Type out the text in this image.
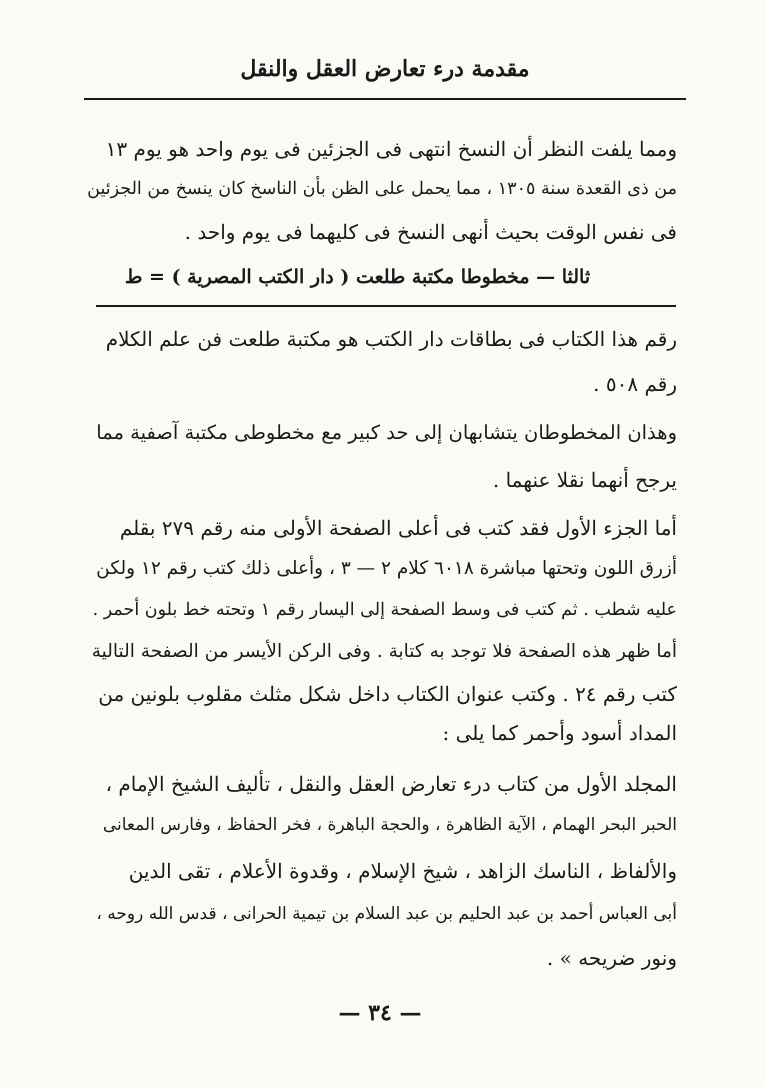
مقدمة درء تعارض العقل والنقل
ومما يلفت النظر أن النسخ انتهى فى الجزئين فى يوم واحد هو يوم ١٣
من ذى القعدة سنة ١٣٠٥ ، مما يحمل على الظن بأن الناسخ كان ينسخ من الجزئين
فى نفس الوقت بحيث أنهى النسخ فى كليهما فى يوم واحد .
ثالثا — مخطوطا مكتبة طلعت ( دار الكتب المصرية ) = ط
رقم هذا الكتاب فى بطاقات دار الكتب هو مكتبة طلعت فن علم الكلام
رقم ٥٠٨ .
وهذان المخطوطان يتشابهان إلى حد كبير مع مخطوطى مكتبة آصفية مما
يرجح أنهما نقلا عنهما .
أما الجزء الأول فقد كتب فى أعلى الصفحة الأولى منه رقم ٢٧٩ بقلم
أزرق اللون وتحتها مباشرة ٦٠١٨ كلام ٢ — ٣ ، وأعلى ذلك كتب رقم ١٢ ولكن
عليه شطب . ثم كتب فى وسط الصفحة إلى اليسار رقم ١ وتحته خط بلون أحمر .
أما ظهر هذه الصفحة فلا توجد به كتابة . وفى الركن الأيسر من الصفحة التالية
كتب رقم ٢٤ . وكتب عنوان الكتاب داخل شكل مثلث مقلوب بلونين من
المداد أسود وأحمر كما يلى :
المجلد الأول من كتاب درء تعارض العقل والنقل ، تأليف الشيخ الإمام ،
الحبر البحر الهمام ، الآية الظاهرة ، والحجة الباهرة ، فخر الحفاظ ، وفارس المعانى
والألفاظ ، الناسك الزاهد ، شيخ الإسلام ، وقدوة الأعلام ، تقى الدين
أبى العباس أحمد بن عبد الحليم بن عبد السلام بن تيمية الحرانى ، قدس الله روحه ،
ونور ضريحه » .
— ٣٤ —
